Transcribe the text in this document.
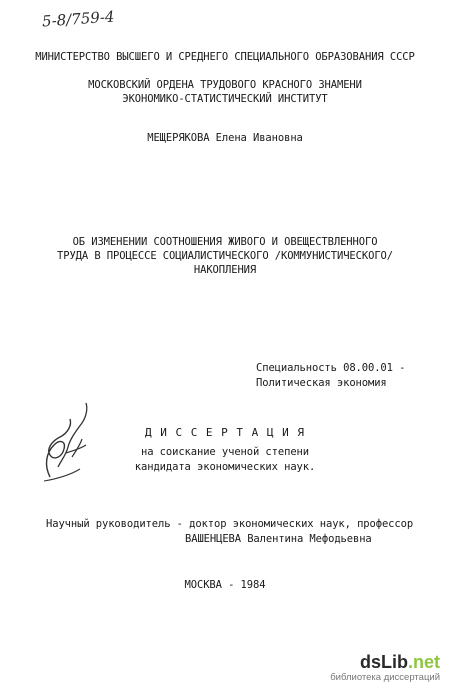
5-8/759-4
МИНИСТЕРСТВО ВЫСШЕГО И СРЕДНЕГО СПЕЦИАЛЬНОГО ОБРАЗОВАНИЯ СССР
МОСКОВСКИЙ ОРДЕНА ТРУДОВОГО КРАСНОГО ЗНАМЕНИ
ЭКОНОМИКО-СТАТИСТИЧЕСКИЙ ИНСТИТУТ
МЕЩЕРЯКОВА Елена Ивановна
ОБ ИЗМЕНЕНИИ СООТНОШЕНИЯ ЖИВОГО И ОВЕЩЕСТВЛЕННОГО
ТРУДА В ПРОЦЕССЕ СОЦИАЛИСТИЧЕСКОГО /КОММУНИСТИЧЕСКОГО/
НАКОПЛЕНИЯ
Специальность 08.00.01 -
Политическая экономия
Д И С С Е Р Т А Ц И Я
на соискание ученой степени
кандидата экономических наук.
Научный руководитель - доктор экономических наук, профессор
ВАШЕНЦЕВА Валентина Мефодьевна
МОСКВА - 1984
dsLib.net
библиотека диссертаций
